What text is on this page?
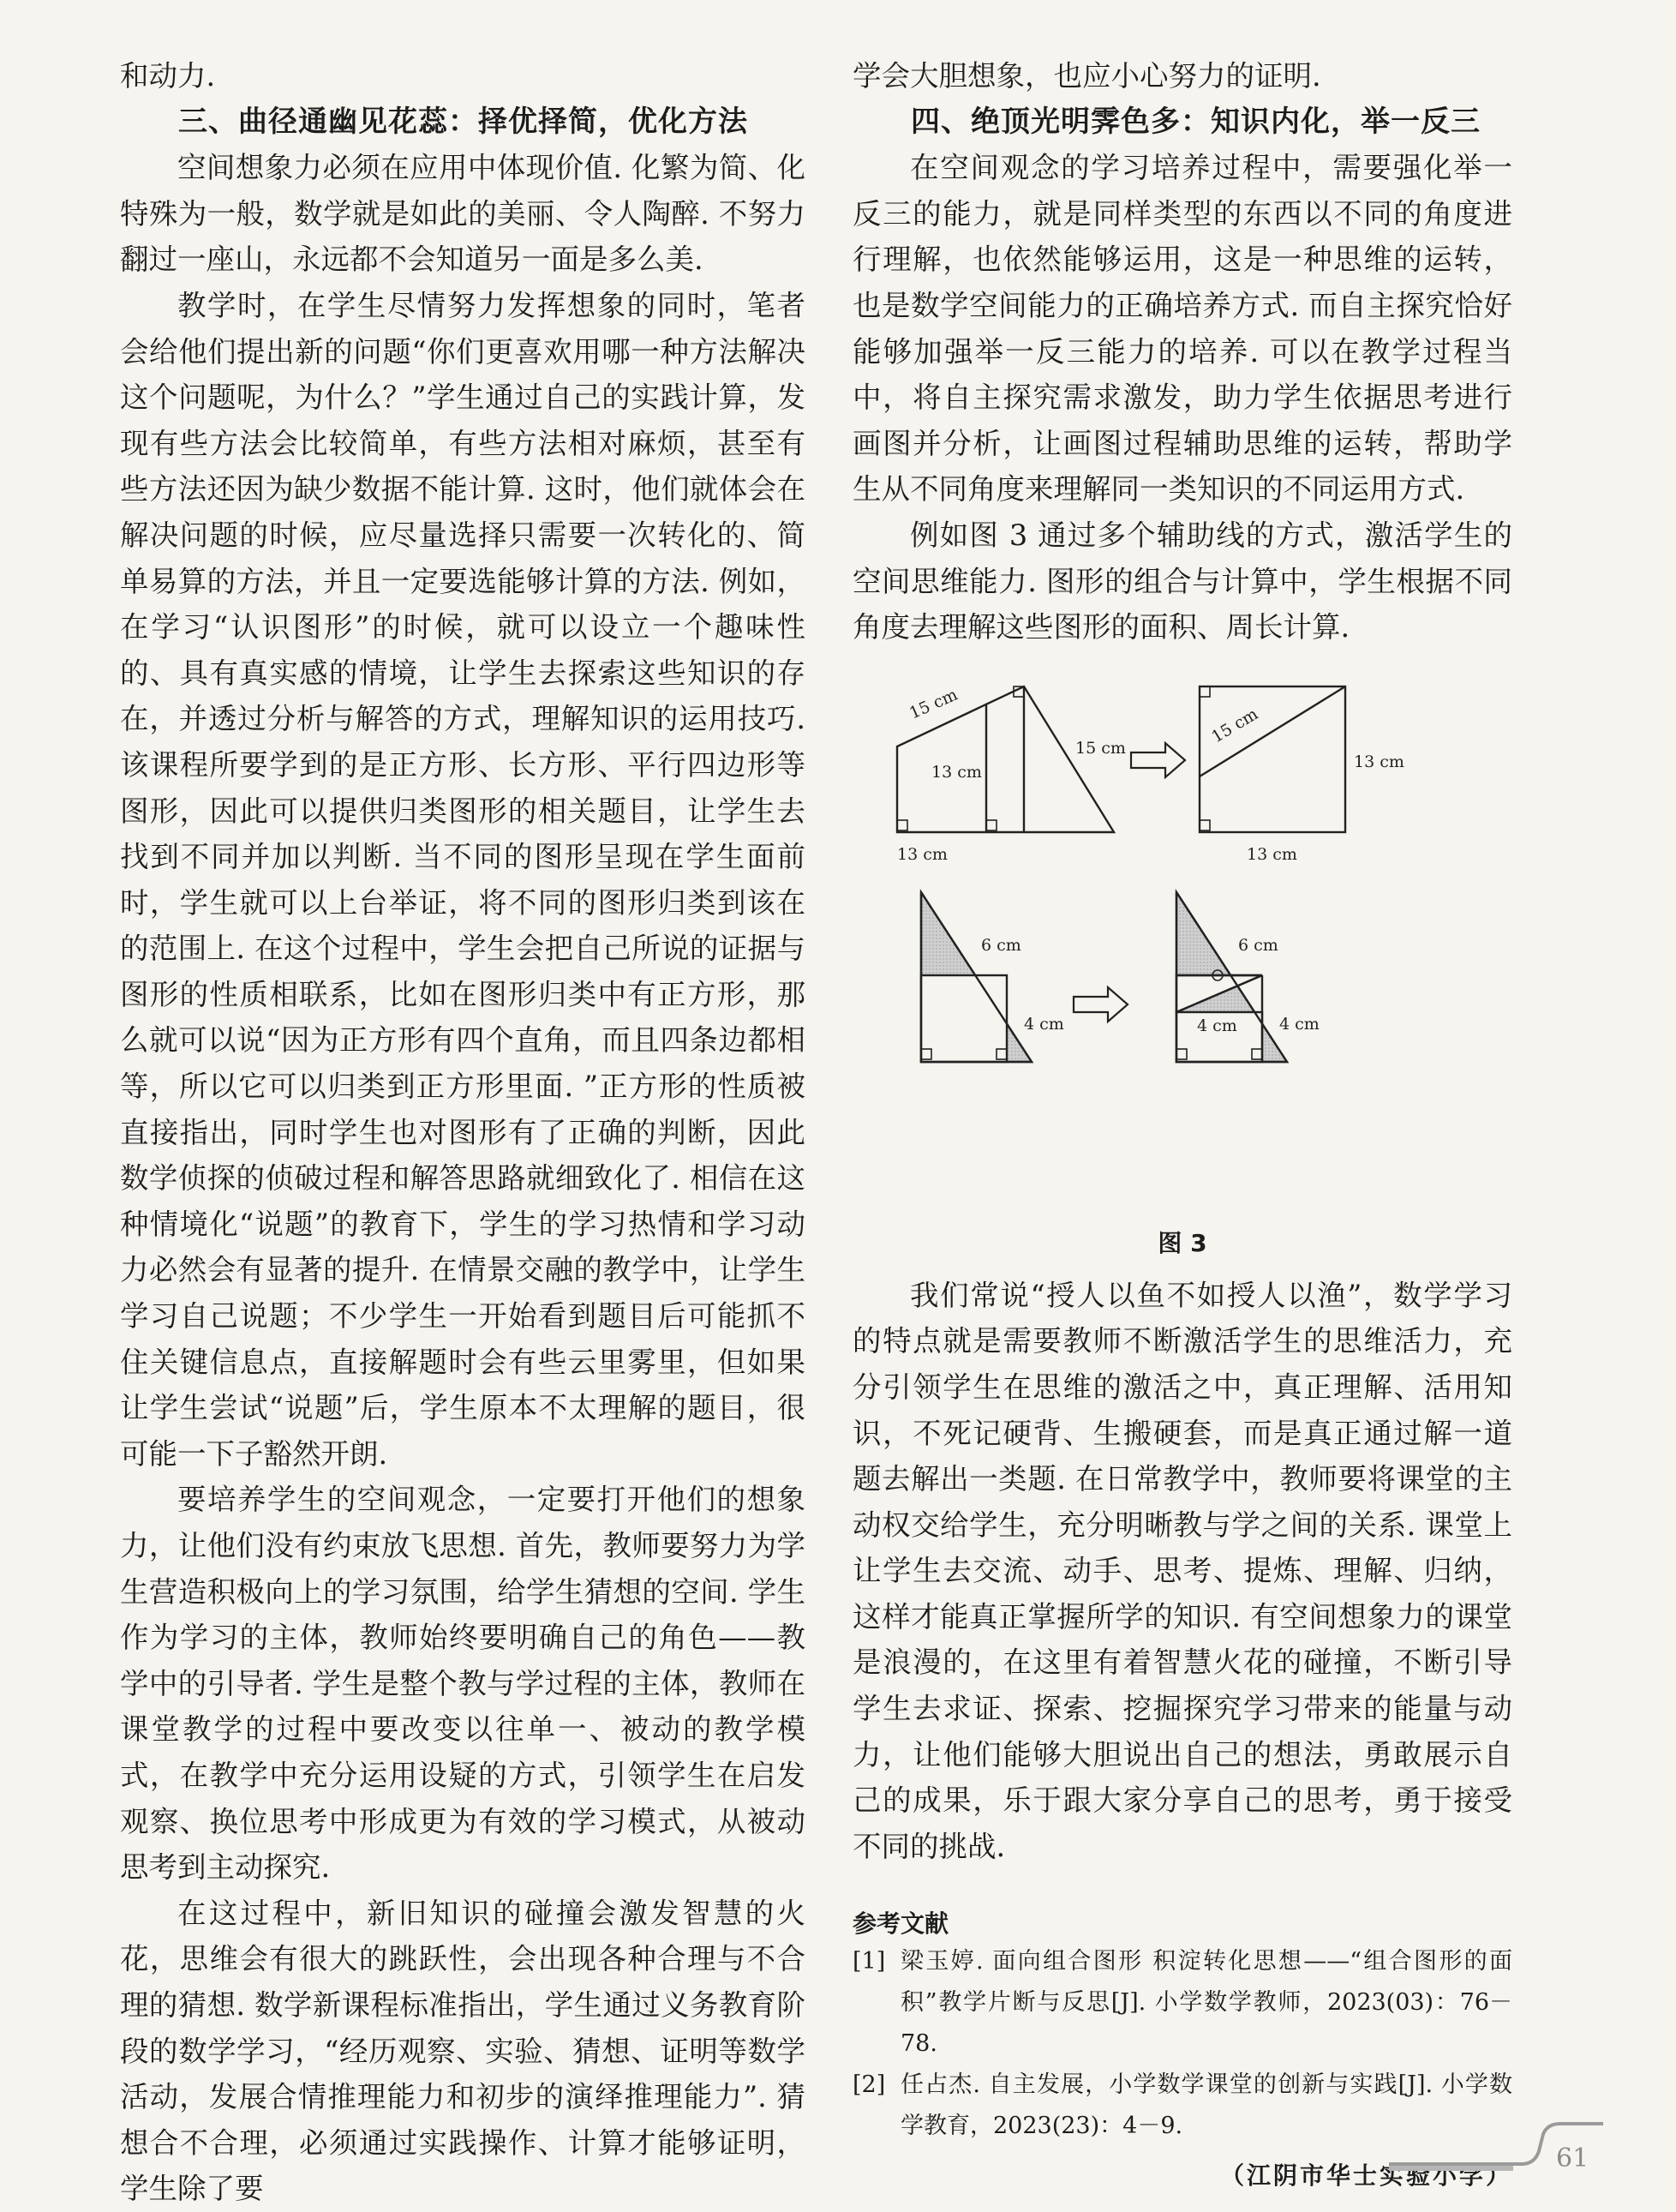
和动力.

三、曲径通幽见花蕊：择优择简，优化方法

空间想象力必须在应用中体现价值. 化繁为简、化特殊为一般，数学就是如此的美丽、令人陶醉. 不努力翻过一座山，永远都不会知道另一面是多么美.

教学时，在学生尽情努力发挥想象的同时，笔者会给他们提出新的问题“你们更喜欢用哪一种方法解决这个问题呢，为什么？”学生通过自己的实践计算，发现有些方法会比较简单，有些方法相对麻烦，甚至有些方法还因为缺少数据不能计算. 这时，他们就体会在解决问题的时候，应尽量选择只需要一次转化的、简单易算的方法，并且一定要选能够计算的方法. 例如，在学习“认识图形”的时候，就可以设立一个趣味性的、具有真实感的情境，让学生去探索这些知识的存在，并透过分析与解答的方式，理解知识的运用技巧. 该课程所要学到的是正方形、长方形、平行四边形等图形，因此可以提供归类图形的相关题目，让学生去找到不同并加以判断. 当不同的图形呈现在学生面前时，学生就可以上台举证，将不同的图形归类到该在的范围上. 在这个过程中，学生会把自己所说的证据与图形的性质相联系，比如在图形归类中有正方形，那么就可以说“因为正方形有四个直角，而且四条边都相等，所以它可以归类到正方形里面. ”正方形的性质被直接指出，同时学生也对图形有了正确的判断，因此数学侦探的侦破过程和解答思路就细致化了. 相信在这种情境化“说题”的教育下，学生的学习热情和学习动力必然会有显著的提升. 在情景交融的教学中，让学生学习自己说题；不少学生一开始看到题目后可能抓不住关键信息点，直接解题时会有些云里雾里，但如果让学生尝试“说题”后，学生原本不太理解的题目，很可能一下子豁然开朗.

要培养学生的空间观念，一定要打开他们的想象力，让他们没有约束放飞思想. 首先，教师要努力为学生营造积极向上的学习氛围，给学生猜想的空间. 学生作为学习的主体，教师始终要明确自己的角色——教学中的引导者. 学生是整个教与学过程的主体，教师在课堂教学的过程中要改变以往单一、被动的教学模式，在教学中充分运用设疑的方式，引领学生在启发观察、换位思考中形成更为有效的学习模式，从被动思考到主动探究.

在这过程中，新旧知识的碰撞会激发智慧的火花，思维会有很大的跳跃性，会出现各种合理与不合理的猜想. 数学新课程标准指出，学生通过义务教育阶段的数学学习，“经历观察、实验、猜想、证明等数学活动，发展合情推理能力和初步的演绎推理能力”. 猜想合不合理，必须通过实践操作、计算才能够证明，学生除了要

学会大胆想象，也应小心努力的证明.

四、绝顶光明霁色多：知识内化，举一反三

在空间观念的学习培养过程中，需要强化举一反三的能力，就是同样类型的东西以不同的角度进行理解，也依然能够运用，这是一种思维的运转，也是数学空间能力的正确培养方式. 而自主探究恰好能够加强举一反三能力的培养. 可以在教学过程当中，将自主探究需求激发，助力学生依据思考进行画图并分析，让画图过程辅助思维的运转，帮助学生从不同角度来理解同一类知识的不同运用方式.

例如图 3 通过多个辅助线的方式，激活学生的空间思维能力. 图形的组合与计算中，学生根据不同角度去理解这些图形的面积、周长计算.

15 cm
15 cm
13 cm
13 cm
15 cm
13 cm
13 cm
6 cm
4 cm
6 cm
4 cm	4 cm
图 3

我们常说“授人以鱼不如授人以渔”，数学学习的特点就是需要教师不断激活学生的思维活力，充分引领学生在思维的激活之中，真正理解、活用知识，不死记硬背、生搬硬套，而是真正通过解一道题去解出一类题. 在日常教学中，教师要将课堂的主动权交给学生，充分明晰教与学之间的关系. 课堂上让学生去交流、动手、思考、提炼、理解、归纳，这样才能真正掌握所学的知识. 有空间想象力的课堂是浪漫的，在这里有着智慧火花的碰撞，不断引导学生去求证、探索、挖掘探究学习带来的能量与动力，让他们能够大胆说出自己的想法，勇敢展示自己的成果，乐于跟大家分享自己的思考，勇于接受不同的挑战.

参考文献
[1] 梁玉婷. 面向组合图形 积淀转化思想——“组合图形的面积”教学片断与反思[J]. 小学数学教师，2023(03)：76－78.
[2] 任占杰. 自主发展，小学数学课堂的创新与实践[J]. 小学数学教育，2023(23)：4－9.
（江阴市华士实验小学）
61
